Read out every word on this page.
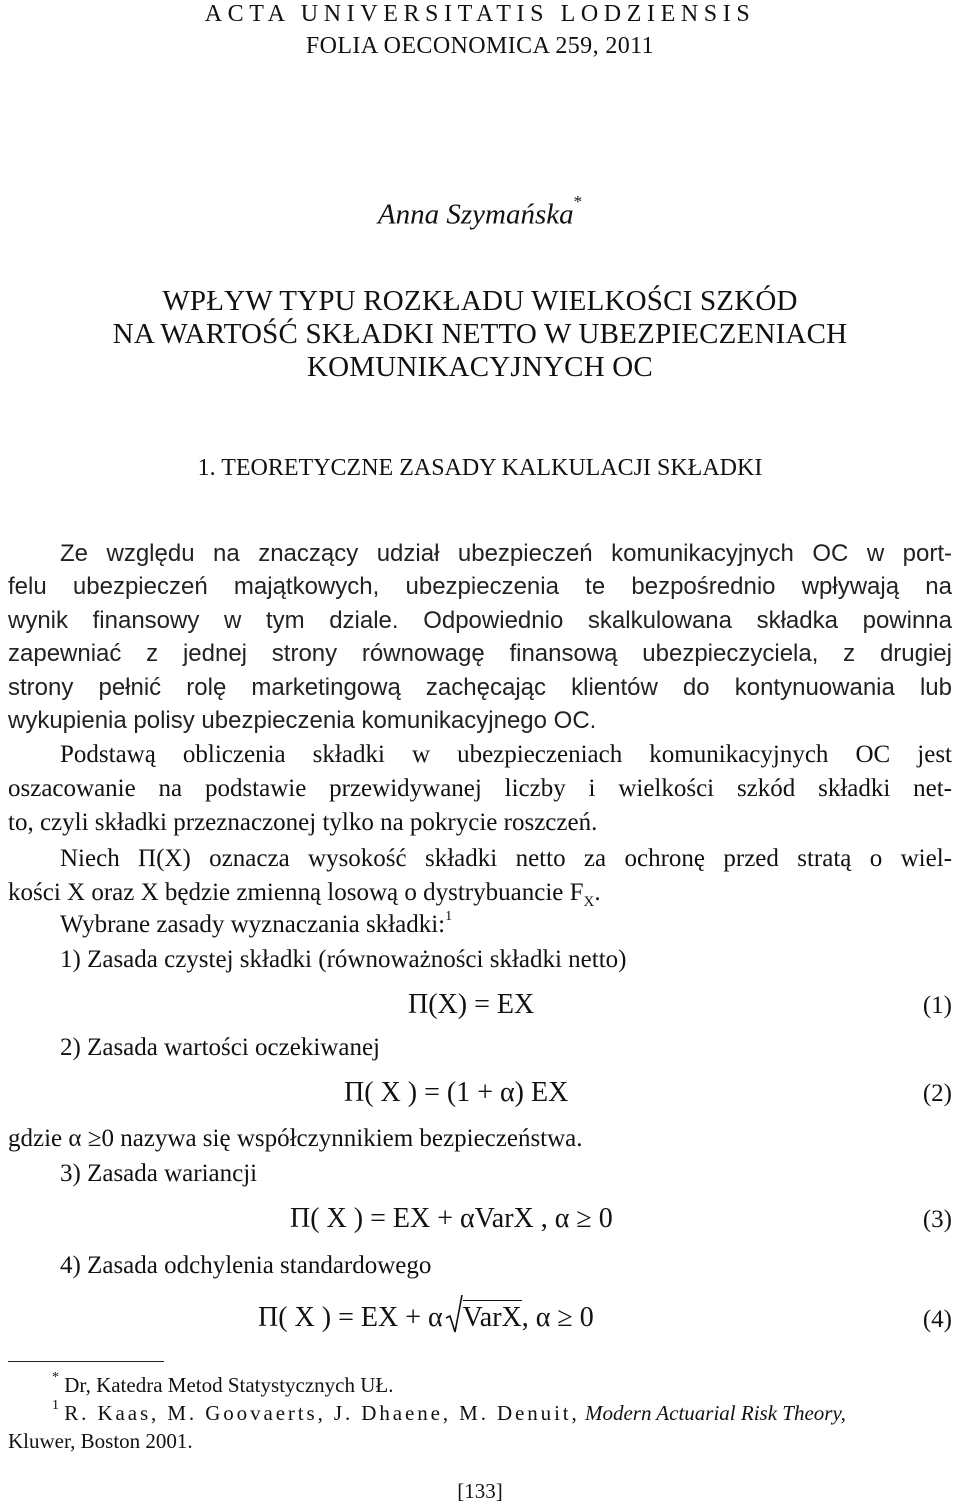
ACTA UNIVERSITATIS LODZIENSIS
FOLIA OECONOMICA 259, 2011
Anna Szymańska*
WPŁYW TYPU ROZKŁADU WIELKOŚCI SZKÓD
NA WARTOŚĆ SKŁADKI NETTO W UBEZPIECZENIACH
KOMUNIKACYJNYCH OC
1. TEORETYCZNE ZASADY KALKULACJI SKŁADKI
Ze względu na znaczący udział ubezpieczeń komunikacyjnych OC w port-
felu ubezpieczeń majątkowych, ubezpieczenia te bezpośrednio wpływają na
wynik finansowy w tym dziale. Odpowiednio skalkulowana składka powinna
zapewniać z jednej strony równowagę finansową ubezpieczyciela, z drugiej
strony pełnić rolę marketingową zachęcając klientów do kontynuowania lub
wykupienia polisy ubezpieczenia komunikacyjnego OC.
Podstawą obliczenia składki w ubezpieczeniach komunikacyjnych OC jest
oszacowanie na podstawie przewidywanej liczby i wielkości szkód składki net-
to, czyli składki przeznaczonej tylko na pokrycie roszczeń.
Niech Π(X) oznacza wysokość składki netto za ochronę przed stratą o wiel-
kości X oraz X będzie zmienną losową o dystrybuancie $F_X$.
Wybrane zasady wyznaczania składki:$^1$
1) Zasada czystej składki (równoważności składki netto)
Π(X) = EX	(1)
2) Zasada wartości oczekiwanej
Π( X ) = (1 + α) EX	(2)
gdzie α ≥0 nazywa się współczynnikiem bezpieczeństwa.
3) Zasada wariancji
Π( X ) = EX + αVarX , α ≥ 0	(3)
4) Zasada odchylenia standardowego
Π( X ) = EX + α VarX, α ≥ 0	(4)
* Dr, Katedra Metod Statystycznych UŁ.
$^1$ R. Kaas, M. Goovaerts, J. Dhaene, M. Denuit, Modern Actuarial Risk Theory,
Kluwer, Boston 2001.
[133]
